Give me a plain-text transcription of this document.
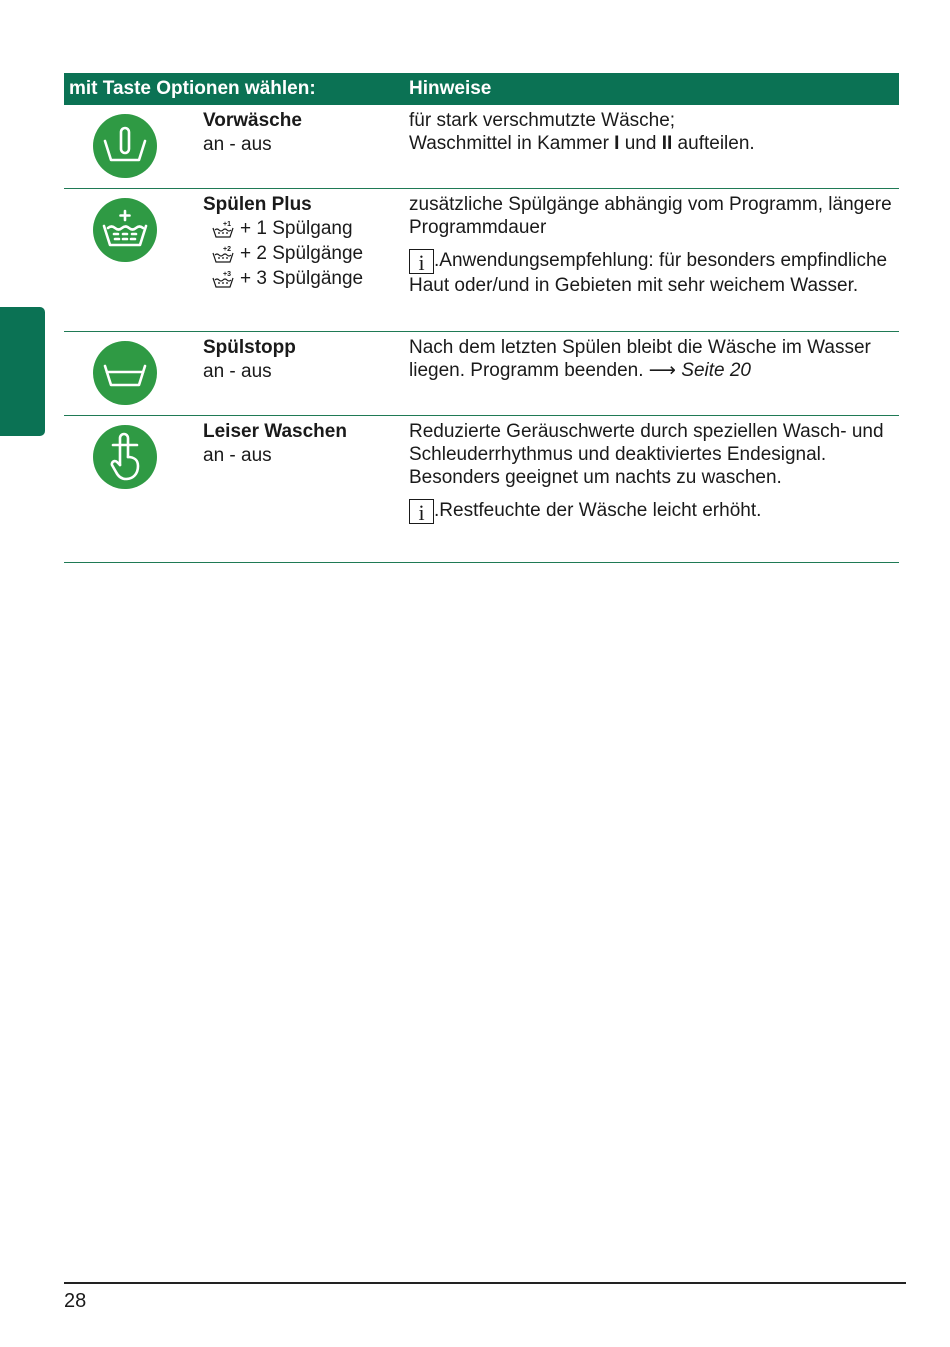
mit Taste Optionen wählen:	Hinweise
Vorwäsche
an - aus
für stark verschmutzte Wäsche;
Waschmittel in Kammer I und II aufteilen.
Spülen Plus
+1 + 1 Spülgang
+2 + 2 Spülgänge
+3 + 3 Spülgänge
zusätzliche Spülgänge abhängig vom Programm, längere Programmdauer
i .Anwendungsempfehlung: für besonders empfindliche Haut oder/und in Gebieten mit sehr weichem Wasser.
Spülstopp
an - aus
Nach dem letzten Spülen bleibt die Wäsche im Wasser liegen. Programm beenden. ⟶ Seite 20
Leiser Waschen
an - aus
Reduzierte Geräuschwerte durch speziellen Wasch- und Schleuderrhythmus und deaktiviertes Endesignal. Besonders geeignet um nachts zu waschen.
i .Restfeuchte der Wäsche leicht erhöht.
28
